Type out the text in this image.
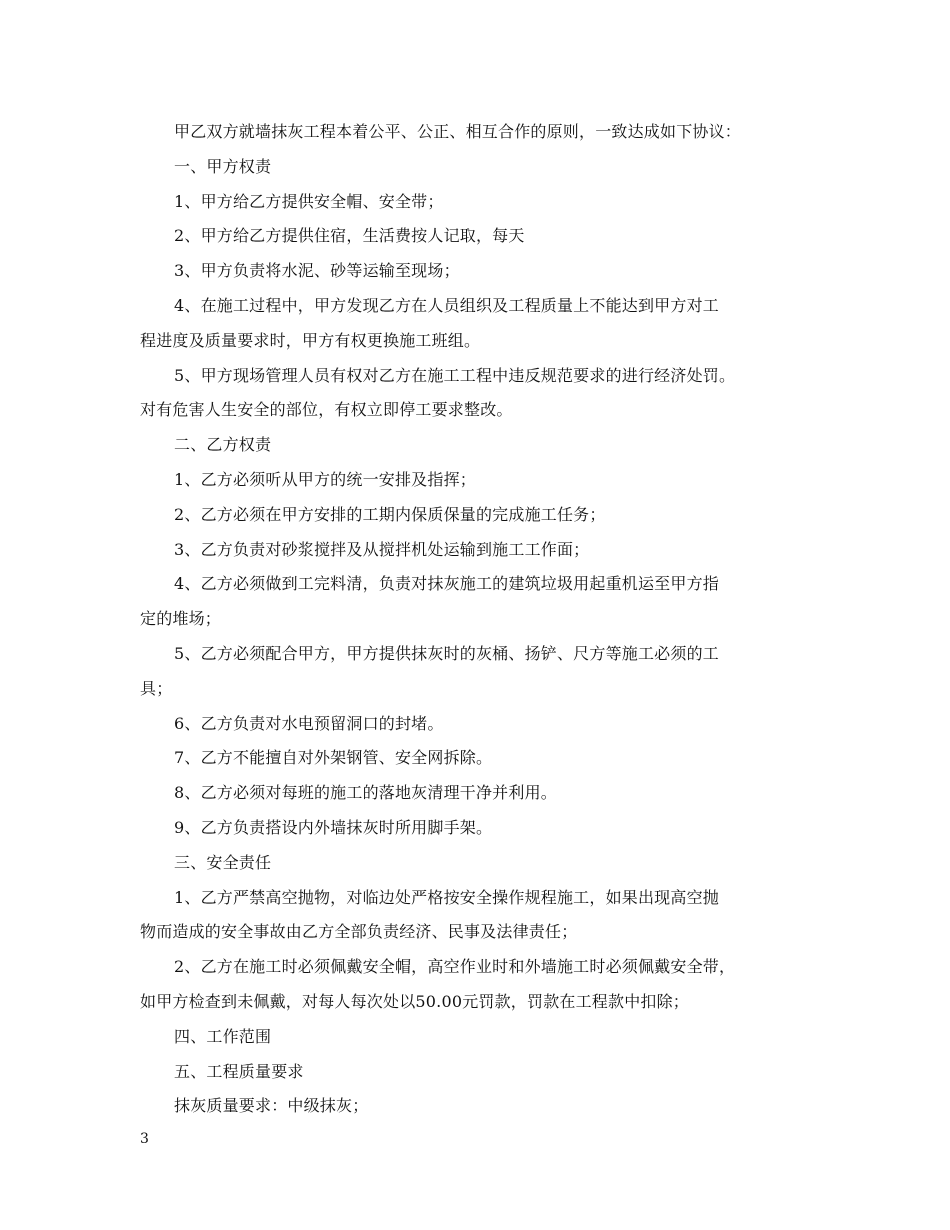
甲乙双方就墙抹灰工程本着公平、公正、相互合作的原则，一致达成如下协议：

一、甲方权责

1、甲方给乙方提供安全帽、安全带；

2、甲方给乙方提供住宿，生活费按人记取，每天

3、甲方负责将水泥、砂等运输至现场；

4、在施工过程中，甲方发现乙方在人员组织及工程质量上不能达到甲方对工

程进度及质量要求时，甲方有权更换施工班组。

5、甲方现场管理人员有权对乙方在施工工程中违反规范要求的进行经济处罚。

对有危害人生安全的部位，有权立即停工要求整改。

二、乙方权责

1、乙方必须听从甲方的统一安排及指挥；

2、乙方必须在甲方安排的工期内保质保量的完成施工任务；

3、乙方负责对砂浆搅拌及从搅拌机处运输到施工工作面；

4、乙方必须做到工完料清，负责对抹灰施工的建筑垃圾用起重机运至甲方指

定的堆场；

5、乙方必须配合甲方，甲方提供抹灰时的灰桶、扬铲、尺方等施工必须的工

具；

6、乙方负责对水电预留洞口的封堵。

7、乙方不能擅自对外架钢管、安全网拆除。

8、乙方必须对每班的施工的落地灰清理干净并利用。

9、乙方负责搭设内外墙抹灰时所用脚手架。

三、安全责任

1、乙方严禁高空抛物，对临边处严格按安全操作规程施工，如果出现高空抛

物而造成的安全事故由乙方全部负责经济、民事及法律责任；

2、乙方在施工时必须佩戴安全帽，高空作业时和外墙施工时必须佩戴安全带，

如甲方检查到未佩戴，对每人每次处以50.00元罚款，罚款在工程款中扣除；

四、工作范围

五、工程质量要求

抹灰质量要求：中级抹灰；

3
